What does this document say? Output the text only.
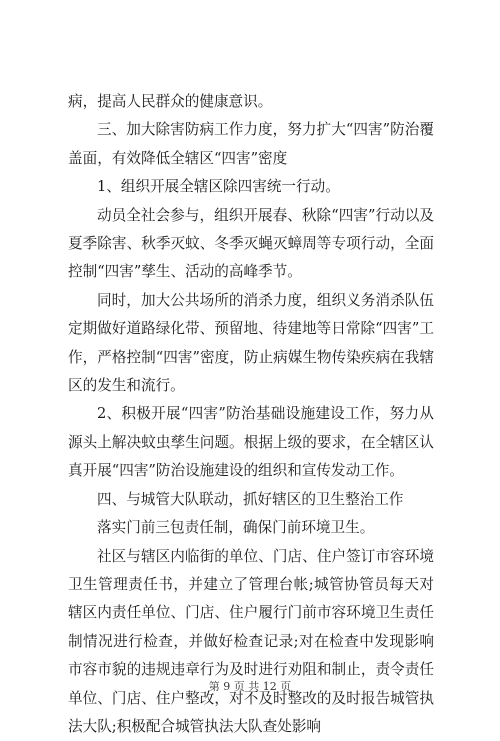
病，提高人民群众的健康意识。

三、加大除害防病工作力度，努力扩大“四害”防治覆盖面，有效降低全辖区“四害”密度

1、组织开展全辖区除四害统一行动。

动员全社会参与，组织开展春、秋除“四害”行动以及夏季除害、秋季灭蚊、冬季灭蝇灭蟑周等专项行动，全面控制“四害”孳生、活动的高峰季节。

同时，加大公共场所的消杀力度，组织义务消杀队伍定期做好道路绿化带、预留地、待建地等日常除“四害”工作，严格控制“四害”密度，防止病媒生物传染疾病在我辖区的发生和流行。

2、积极开展“四害”防治基础设施建设工作，努力从源头上解决蚊虫孳生问题。根据上级的要求，在全辖区认真开展“四害”防治设施建设的组织和宣传发动工作。

四、与城管大队联动，抓好辖区的卫生整治工作

落实门前三包责任制，确保门前环境卫生。

社区与辖区内临街的单位、门店、住户签订市容环境卫生管理责任书，并建立了管理台帐;城管协管员每天对辖区内责任单位、门店、住户履行门前市容环境卫生责任制情况进行检查，并做好检查记录;对在检查中发现影响市容市貌的违规违章行为及时进行劝阻和制止，责令责任单位、门店、住户整改，对不及时整改的及时报告城管执法大队;积极配合城管执法大队查处影响

第 9 页 共 12 页
